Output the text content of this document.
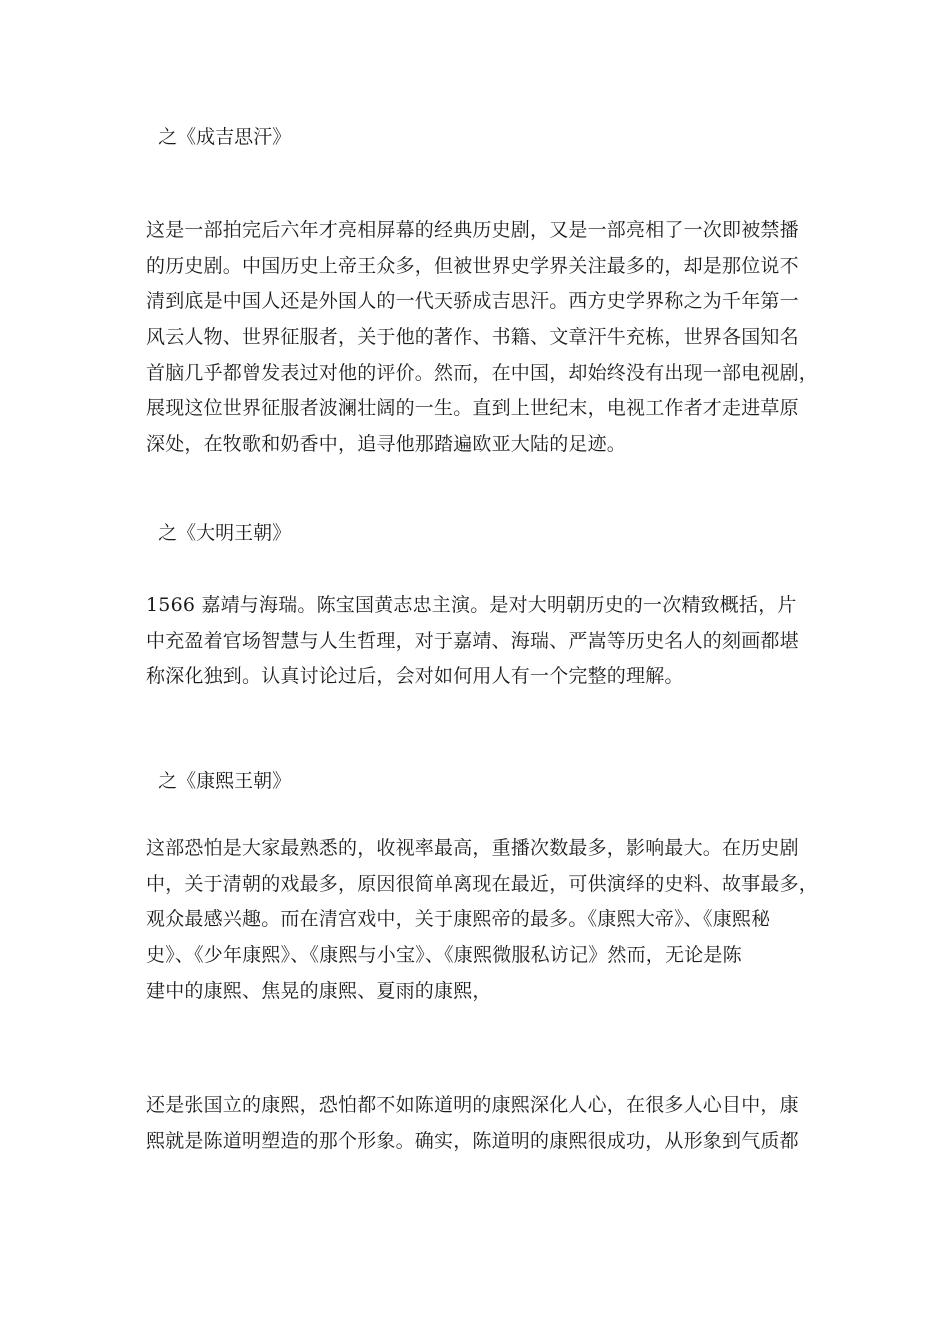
之《成吉思汗》
这是一部拍完后六年才亮相屏幕的经典历史剧，又是一部亮相了一次即被禁播
的历史剧。中国历史上帝王众多，但被世界史学界关注最多的，却是那位说不
清到底是中国人还是外国人的一代天骄成吉思汗。西方史学界称之为千年第一
风云人物、世界征服者，关于他的著作、书籍、文章汗牛充栋，世界各国知名
首脑几乎都曾发表过对他的评价。然而，在中国，却始终没有出现一部电视剧，
展现这位世界征服者波澜壮阔的一生。直到上世纪末，电视工作者才走进草原
深处，在牧歌和奶香中，追寻他那踏遍欧亚大陆的足迹。
之《大明王朝》
1566 嘉靖与海瑞。陈宝国黄志忠主演。是对大明朝历史的一次精致概括，片
中充盈着官场智慧与人生哲理，对于嘉靖、海瑞、严嵩等历史名人的刻画都堪
称深化独到。认真讨论过后，会对如何用人有一个完整的理解。
之《康熙王朝》
这部恐怕是大家最熟悉的，收视率最高，重播次数最多，影响最大。在历史剧
中，关于清朝的戏最多，原因很简单离现在最近，可供演绎的史料、故事最多，
观众最感兴趣。而在清宫戏中，关于康熙帝的最多。《康熙大帝》、《康熙秘
史》、《少年康熙》、《康熙与小宝》、《康熙微服私访记》然而，无论是陈
建中的康熙、焦晃的康熙、夏雨的康熙，
还是张国立的康熙，恐怕都不如陈道明的康熙深化人心，在很多人心目中，康
熙就是陈道明塑造的那个形象。确实，陈道明的康熙很成功，从形象到气质都
